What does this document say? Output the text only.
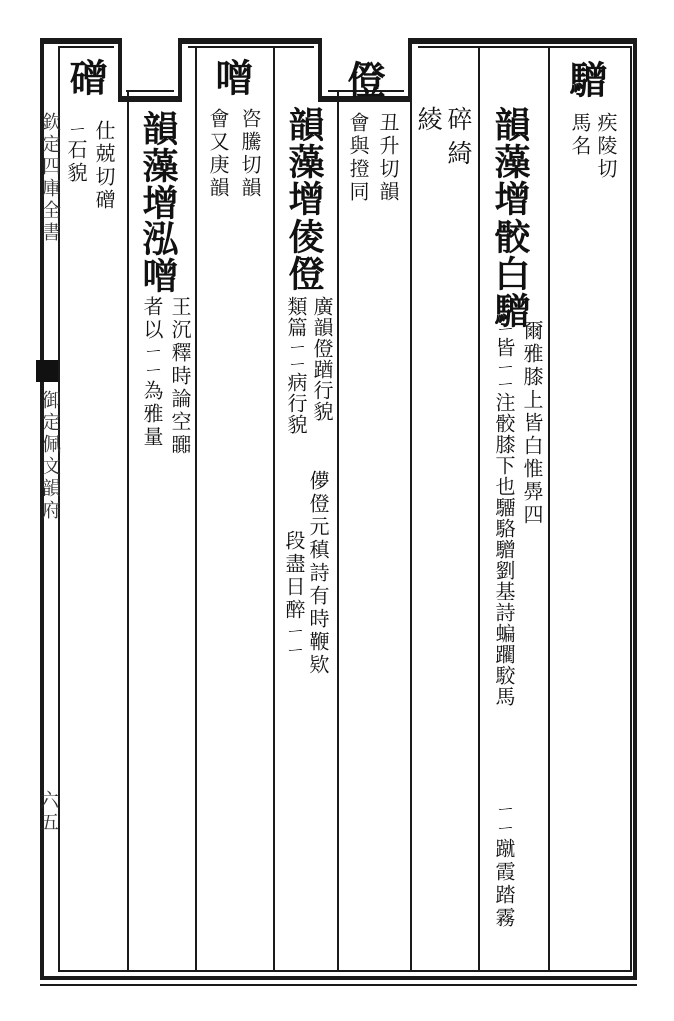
欽定四庫全書
御定佩文韻府
六五
驓
疾陵切
馬名
韻藻增
骹白驓
爾雅膝上皆白惟馵四
ㄧ皆ㄧㄧ注骹膝下也驑駱驓劉基詩蝙躙駮馬
ㄧㄧ蹴霞踏霧
碎綺
綾
僜
丑升切韻
會與撜同
韻藻增
倰僜
廣韻僜䠓行貌
類篇ㄧㄧ病行貌
儚僜元稹詩有時鞭欵
段盡日醉ㄧㄧ
噌
咨騰切韻
會又庚韻
韻藻增
泓噌
王沉釋時論空嚻
者以ㄧㄧ為雅量
磳
仕兢切磳
ㄧ石貌
